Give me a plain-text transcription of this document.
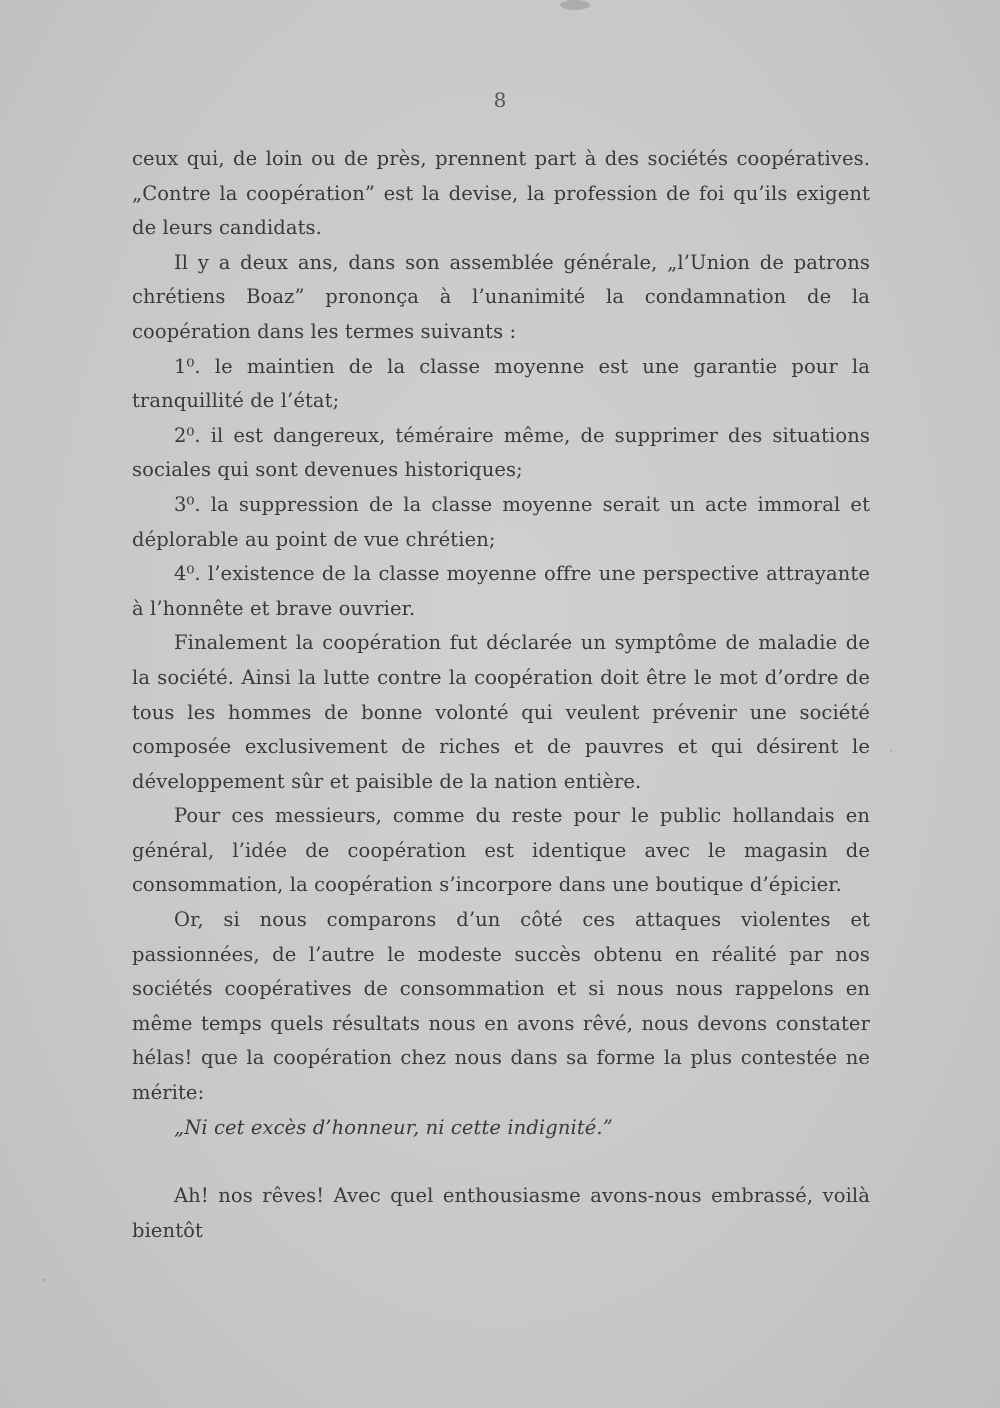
8

ceux qui, de loin ou de près, prennent part à des sociétés coopératives. „Contre la coopération” est la devise, la profession de foi qu’ils exigent de leurs candidats.

Il y a deux ans, dans son assemblée générale, „l’Union de patrons chrétiens Boaz” prononça à l’unanimité la condamnation de la coopération dans les termes suivants :

1⁰. le maintien de la classe moyenne est une garantie pour la tranquillité de l’état;

2⁰. il est dangereux, téméraire même, de supprimer des situations sociales qui sont devenues historiques;

3⁰. la suppression de la classe moyenne serait un acte immoral et déplorable au point de vue chrétien;

4⁰. l’existence de la classe moyenne offre une perspective attrayante à l’honnête et brave ouvrier.

Finalement la coopération fut déclarée un symptôme de maladie de la société. Ainsi la lutte contre la coopération doit être le mot d’ordre de tous les hommes de bonne volonté qui veulent prévenir une société composée exclusivement de riches et de pauvres et qui désirent le développement sûr et paisible de la nation entière.

Pour ces messieurs, comme du reste pour le public hollandais en général, l’idée de coopération est identique avec le magasin de consommation, la coopération s’incorpore dans une boutique d’épicier.

Or, si nous comparons d’un côté ces attaques violentes et passionnées, de l’autre le modeste succès obtenu en réalité par nos sociétés coopératives de consommation et si nous nous rappelons en même temps quels résultats nous en avons rêvé, nous devons constater hélas! que la coopération chez nous dans sa forme la plus contestée ne mérite:

„Ni cet excès d’honneur, ni cette indignité.”

Ah! nos rêves! Avec quel enthousiasme avons-nous embrassé, voilà bientôt
